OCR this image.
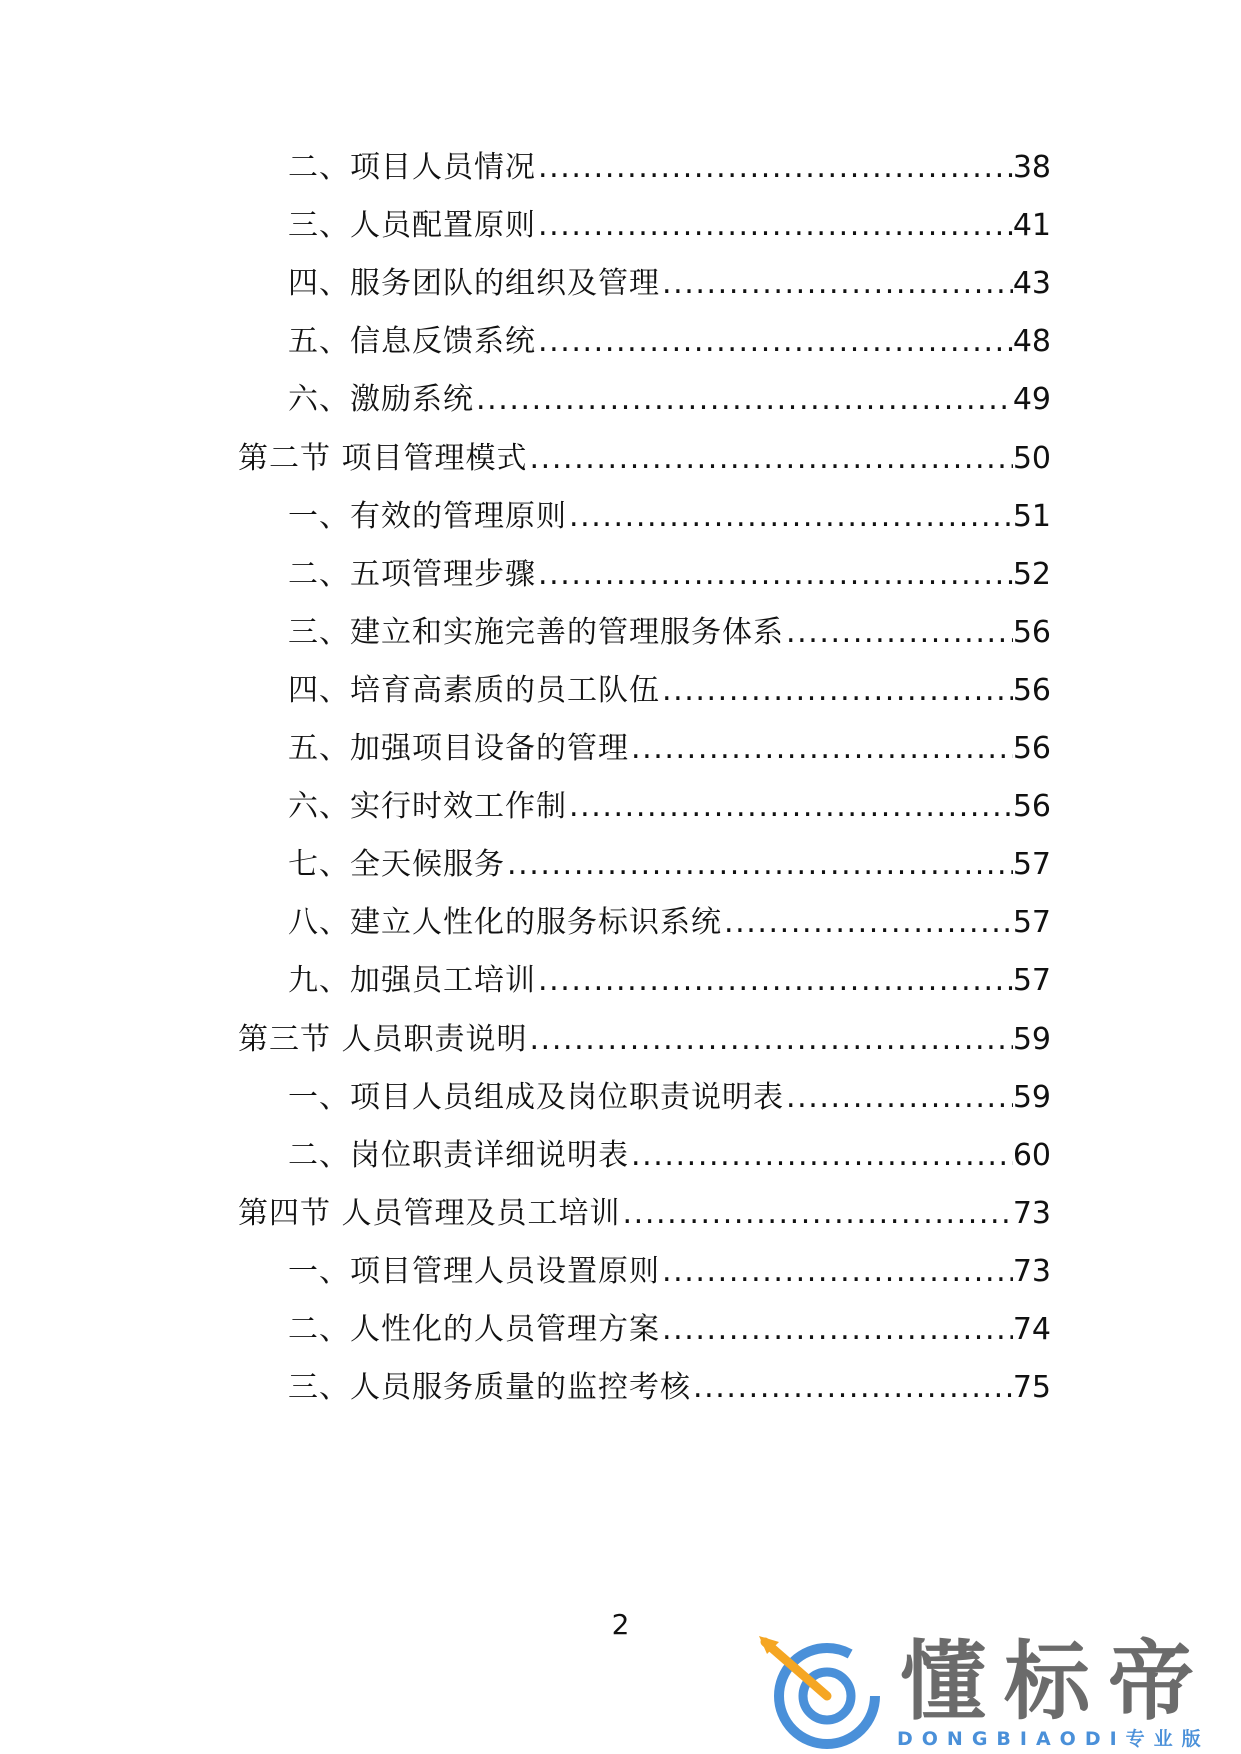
二、项目人员情况 .....	38
三、人员配置原则 .....	41
四、服务团队的组织及管理 .....	43
五、信息反馈系统 .....	48
六、激励系统 .....	49
第二节 项目管理模式 .....	50
一、有效的管理原则 .....	51
二、五项管理步骤 .....	52
三、建立和实施完善的管理服务体系 .....	56
四、培育高素质的员工队伍 .....	56
五、加强项目设备的管理 .....	56
六、实行时效工作制 .....	56
七、全天候服务 .....	57
八、建立人性化的服务标识系统 .....	57
九、加强员工培训 .....	57
第三节 人员职责说明 .....	59
一、项目人员组成及岗位职责说明表 .....	59
二、岗位职责详细说明表 .....	60
第四节 人员管理及员工培训 .....	73
一、项目管理人员设置原则 .....	73
二、人性化的人员管理方案 .....	74
三、人员服务质量的监控考核 .....	75
2
懂标帝
DONGBIAODI专业版
